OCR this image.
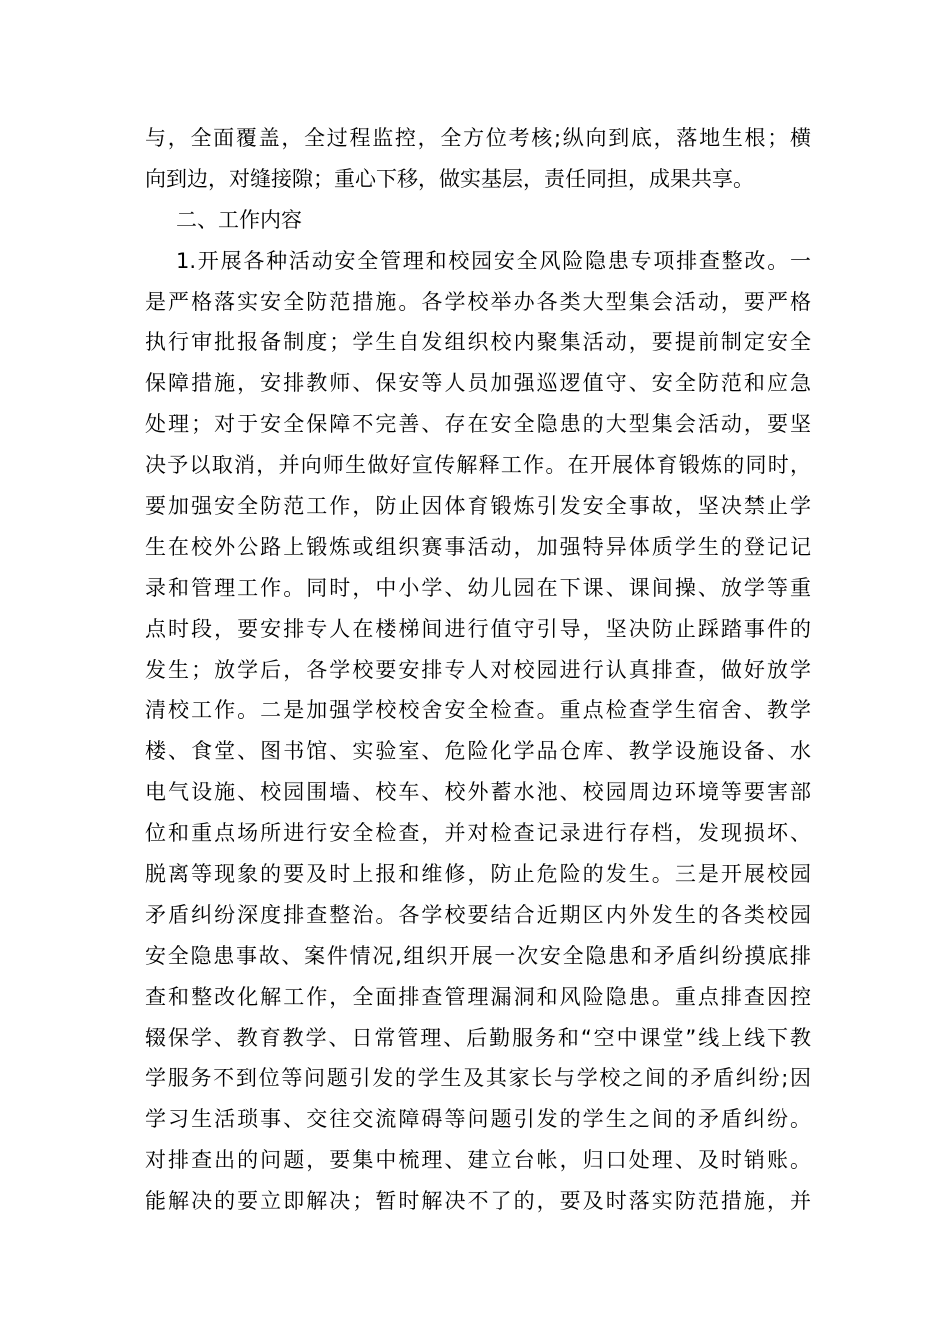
与，全面覆盖，全过程监控，全方位考核;纵向到底，落地生根；横
向到边，对缝接隙；重心下移，做实基层，责任同担，成果共享。
二、工作内容
1.开展各种活动安全管理和校园安全风险隐患专项排查整改。一
是严格落实安全防范措施。各学校举办各类大型集会活动，要严格
执行审批报备制度；学生自发组织校内聚集活动，要提前制定安全
保障措施，安排教师、保安等人员加强巡逻值守、安全防范和应急
处理；对于安全保障不完善、存在安全隐患的大型集会活动，要坚
决予以取消，并向师生做好宣传解释工作。在开展体育锻炼的同时，
要加强安全防范工作，防止因体育锻炼引发安全事故，坚决禁止学
生在校外公路上锻炼或组织赛事活动，加强特异体质学生的登记记
录和管理工作。同时，中小学、幼儿园在下课、课间操、放学等重
点时段，要安排专人在楼梯间进行值守引导，坚决防止踩踏事件的
发生；放学后，各学校要安排专人对校园进行认真排查，做好放学
清校工作。二是加强学校校舍安全检查。重点检查学生宿舍、教学
楼、食堂、图书馆、实验室、危险化学品仓库、教学设施设备、水
电气设施、校园围墙、校车、校外蓄水池、校园周边环境等要害部
位和重点场所进行安全检查，并对检查记录进行存档，发现损坏、
脱离等现象的要及时上报和维修，防止危险的发生。三是开展校园
矛盾纠纷深度排查整治。各学校要结合近期区内外发生的各类校园
安全隐患事故、案件情况,组织开展一次安全隐患和矛盾纠纷摸底排
查和整改化解工作，全面排查管理漏洞和风险隐患。重点排查因控
辍保学、教育教学、日常管理、后勤服务和“空中课堂”线上线下教
学服务不到位等问题引发的学生及其家长与学校之间的矛盾纠纷;因
学习生活琐事、交往交流障碍等问题引发的学生之间的矛盾纠纷。
对排查出的问题，要集中梳理、建立台帐，归口处理、及时销账。
能解决的要立即解决；暂时解决不了的，要及时落实防范措施，并
